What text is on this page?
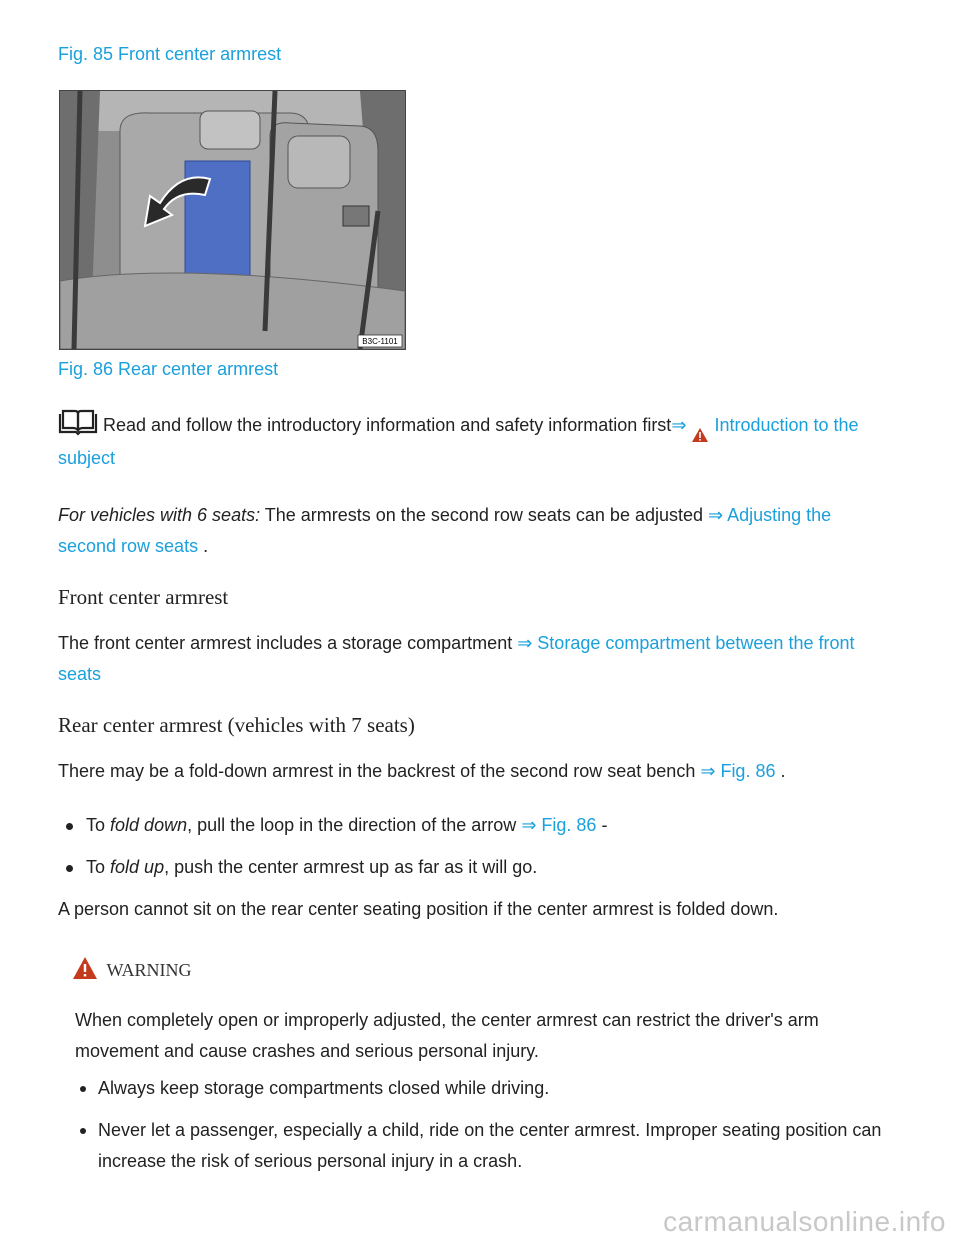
Fig. 85 Front center armrest
B3C-1101
Fig. 86 Rear center armrest
Read and follow the introductory information and safety information first⇒ Introduction to the
subject
For vehicles with 6 seats: The armrests on the second row seats can be adjusted ⇒ Adjusting the
second row seats .
Front center armrest
The front center armrest includes a storage compartment ⇒ Storage compartment between the front
seats
Rear center armrest (vehicles with 7 seats)
There may be a fold-down armrest in the backrest of the second row seat bench ⇒ Fig. 86 .
To fold down, pull the loop in the direction of the arrow ⇒ Fig. 86 -
To fold up, push the center armrest up as far as it will go.
A person cannot sit on the rear center seating position if the center armrest is folded down.
WARNING
When completely open or improperly adjusted, the center armrest can restrict the driver's arm movement and cause crashes and serious personal injury.
Always keep storage compartments closed while driving.
Never let a passenger, especially a child, ride on the center armrest. Improper seating position can increase the risk of serious personal injury in a crash.
carmanualsonline.info
